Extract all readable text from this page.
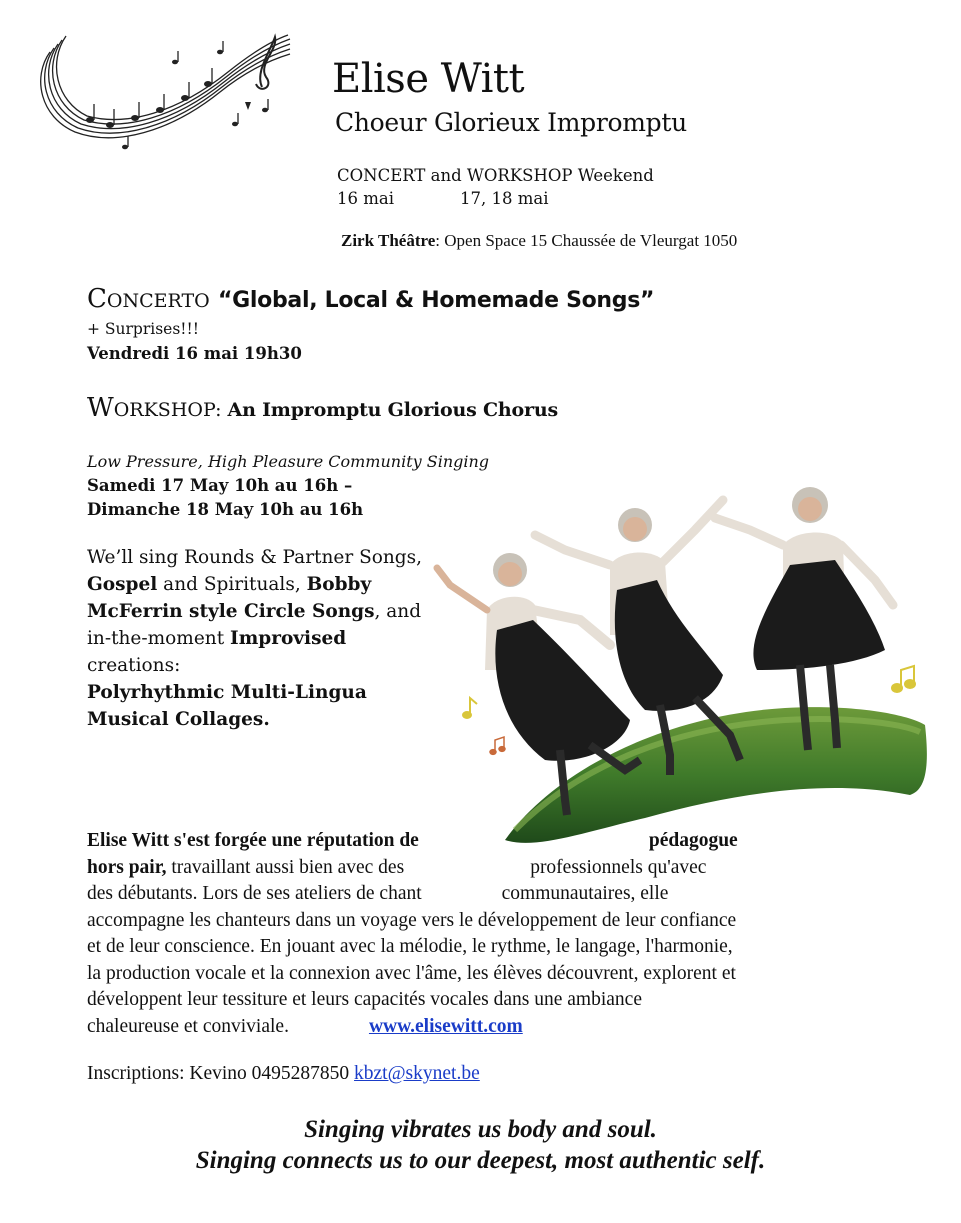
Elise Witt
Choeur Glorieux Impromptu
CONCERT and WORKSHOP Weekend
16 mai	17, 18 mai
Zirk Théâtre: Open Space 15 Chaussée de Vleurgat 1050
CONCERTO “Global, Local & Homemade Songs”
+ Surprises!!!
Vendredi 16 mai 19h30
WORKSHOP: An Impromptu Glorious Chorus
Low Pressure, High Pleasure Community Singing
Samedi 17 May 10h au 16h –
Dimanche 18 May 10h au 16h
We’ll sing Rounds & Partner Songs,
Gospel and Spirituals, Bobby McFerrin style Circle Songs, and in-the-moment Improvised creations:
Polyrhythmic Multi-Lingua Musical Collages.
Elise Witt s'est forgée une réputation de	pédagogue
hors pair, travaillant aussi bien avec des	professionnels qu'avec
des débutants. Lors de ses ateliers de chant	communautaires, elle
accompagne les chanteurs dans un voyage vers le développement de leur confiance
et de leur conscience. En jouant avec la mélodie, le rythme, le langage, l'harmonie,
la production vocale et la connexion avec l'âme, les élèves découvrent, explorent et
développent leur tessiture et leurs capacités vocales dans une ambiance
chaleureuse et conviviale.	www.elisewitt.com
Inscriptions: Kevino 0495287850 kbzt@skynet.be
Singing vibrates us body and soul.
Singing connects us to our deepest, most authentic self.
